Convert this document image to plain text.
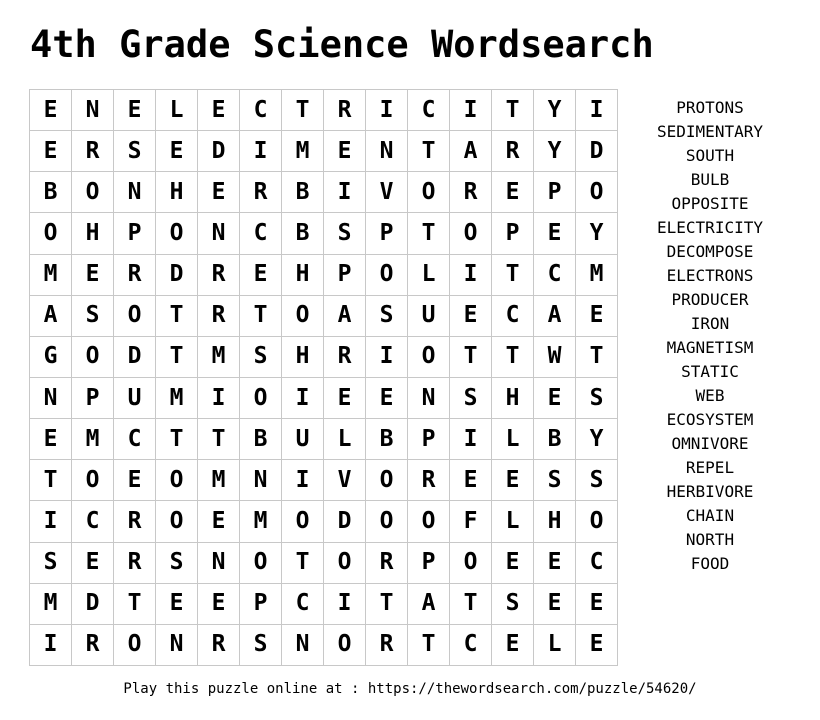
4th Grade Science Wordsearch
E	N	E	L	E	C	T	R	I	C	I	T	Y	I
E	R	S	E	D	I	M	E	N	T	A	R	Y	D
B	O	N	H	E	R	B	I	V	O	R	E	P	O
O	H	P	O	N	C	B	S	P	T	O	P	E	Y
M	E	R	D	R	E	H	P	O	L	I	T	C	M
A	S	O	T	R	T	O	A	S	U	E	C	A	E
G	O	D	T	M	S	H	R	I	O	T	T	W	T
N	P	U	M	I	O	I	E	E	N	S	H	E	S
E	M	C	T	T	B	U	L	B	P	I	L	B	Y
T	O	E	O	M	N	I	V	O	R	E	E	S	S
I	C	R	O	E	M	O	D	O	O	F	L	H	O
S	E	R	S	N	O	T	O	R	P	O	E	E	C
M	D	T	E	E	P	C	I	T	A	T	S	E	E
I	R	O	N	R	S	N	O	R	T	C	E	L	E
PROTONS
SEDIMENTARY
SOUTH
BULB
OPPOSITE
ELECTRICITY
DECOMPOSE
ELECTRONS
PRODUCER
IRON
MAGNETISM
STATIC
WEB
ECOSYSTEM
OMNIVORE
REPEL
HERBIVORE
CHAIN
NORTH
FOOD
Play this puzzle online at : https://thewordsearch.com/puzzle/54620/
